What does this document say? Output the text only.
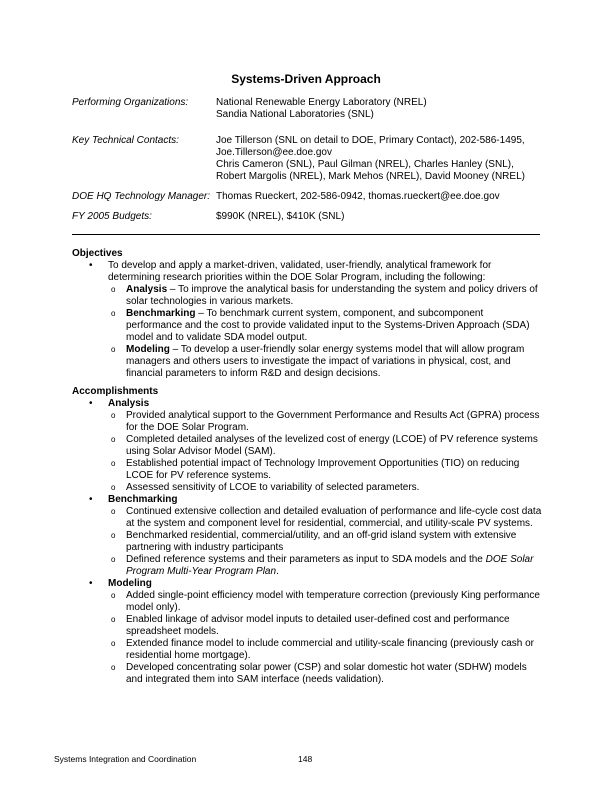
Systems-Driven Approach
Performing Organizations:	National Renewable Energy Laboratory (NREL)
Sandia National Laboratories (SNL)
Key Technical Contacts:	Joe Tillerson (SNL on detail to DOE, Primary Contact), 202-586-1495,
Joe.Tillerson@ee.doe.gov
Chris Cameron (SNL), Paul Gilman (NREL), Charles Hanley (SNL),
Robert Margolis (NREL), Mark Mehos (NREL), David Mooney (NREL)
DOE HQ Technology Manager: Thomas Rueckert, 202-586-0942, thomas.rueckert@ee.doe.gov
FY 2005 Budgets:	$990K (NREL), $410K (SNL)
Objectives
• To develop and apply a market-driven, validated, user-friendly, analytical framework for determining research priorities within the DOE Solar Program, including the following:
o Analysis – To improve the analytical basis for understanding the system and policy drivers of solar technologies in various markets.
o Benchmarking – To benchmark current system, component, and subcomponent performance and the cost to provide validated input to the Systems-Driven Approach (SDA) model and to validate SDA model output.
o Modeling – To develop a user-friendly solar energy systems model that will allow program managers and others users to investigate the impact of variations in physical, cost, and financial parameters to inform R&D and design decisions.
Accomplishments
• Analysis
o Provided analytical support to the Government Performance and Results Act (GPRA) process for the DOE Solar Program.
o Completed detailed analyses of the levelized cost of energy (LCOE) of PV reference systems using Solar Advisor Model (SAM).
o Established potential impact of Technology Improvement Opportunities (TIO) on reducing LCOE for PV reference systems.
o Assessed sensitivity of LCOE to variability of selected parameters.
• Benchmarking
o Continued extensive collection and detailed evaluation of performance and life-cycle cost data at the system and component level for residential, commercial, and utility-scale PV systems.
o Benchmarked residential, commercial/utility, and an off-grid island system with extensive partnering with industry participants
o Defined reference systems and their parameters as input to SDA models and the DOE Solar Program Multi-Year Program Plan.
• Modeling
o Added single-point efficiency model with temperature correction (previously King performance model only).
o Enabled linkage of advisor model inputs to detailed user-defined cost and performance spreadsheet models.
o Extended finance model to include commercial and utility-scale financing (previously cash or residential home mortgage).
o Developed concentrating solar power (CSP) and solar domestic hot water (SDHW) models and integrated them into SAM interface (needs validation).
Systems Integration and Coordination	148
